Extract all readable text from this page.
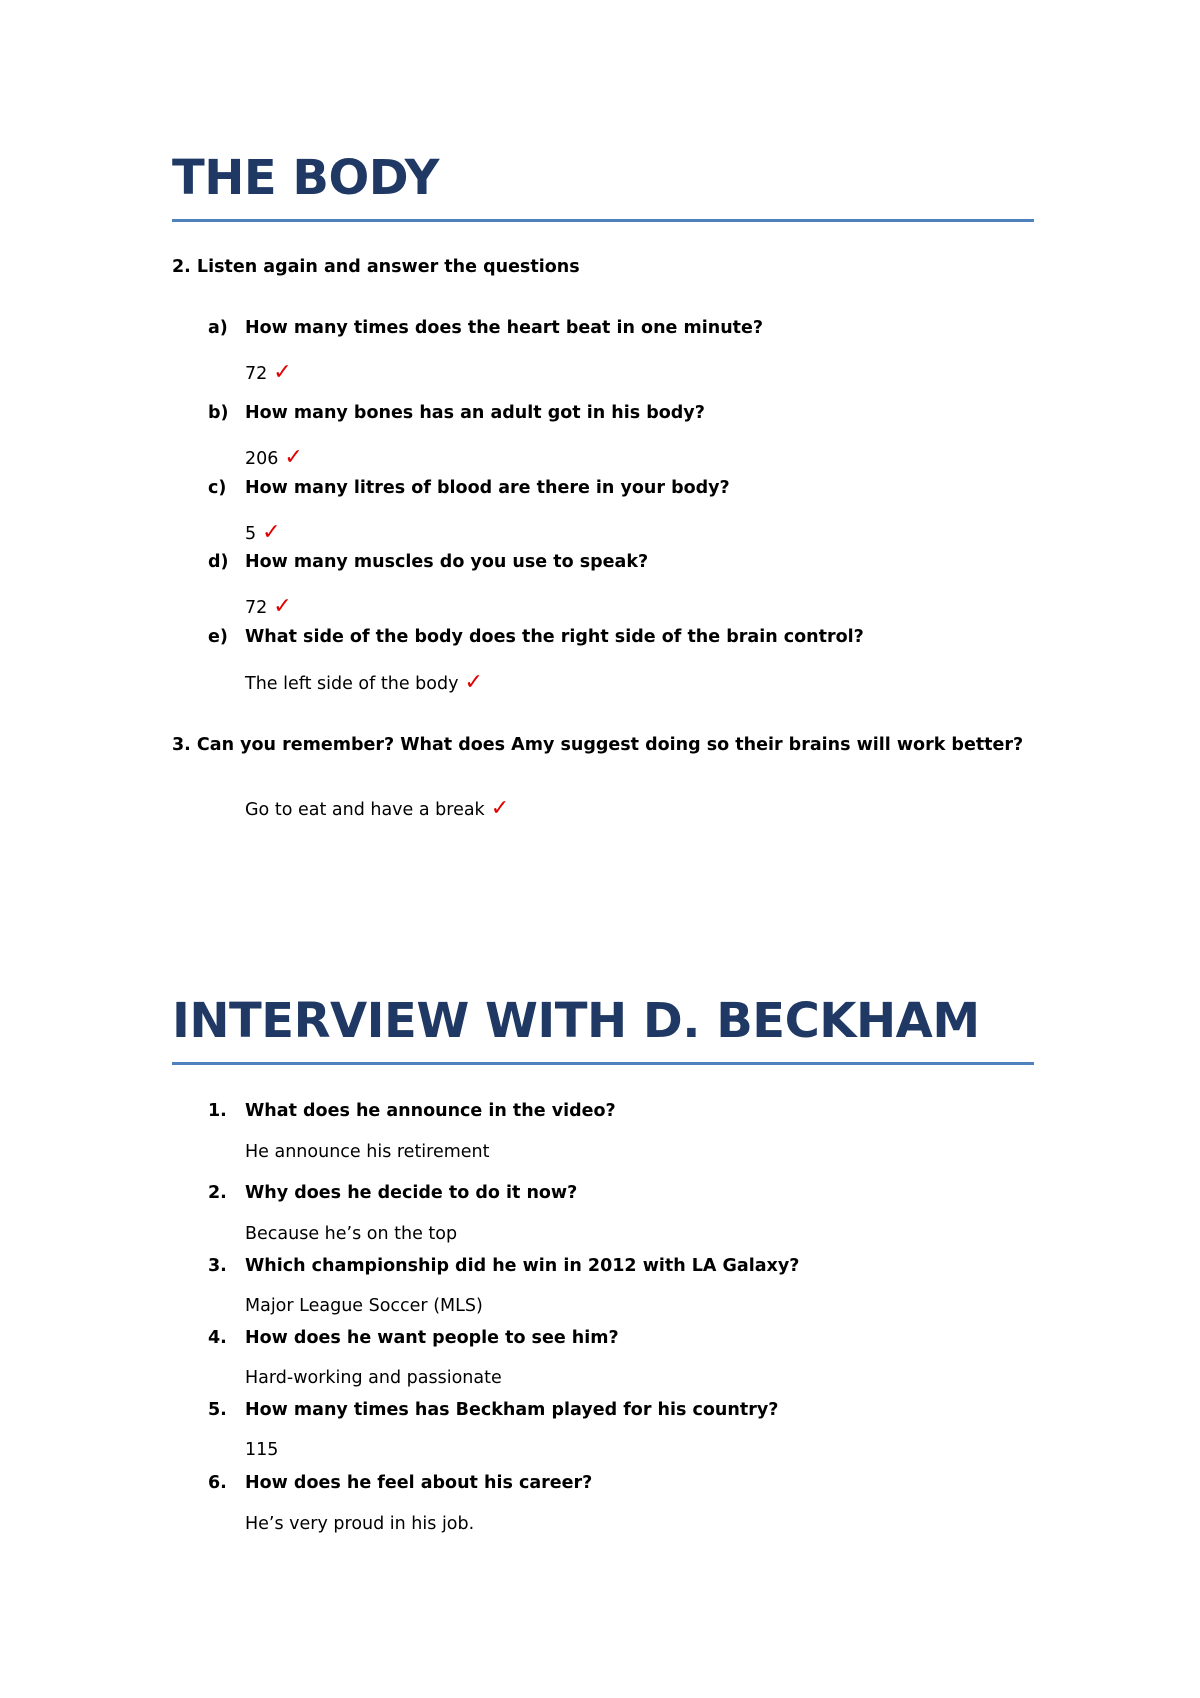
THE BODY
2. Listen again and answer the questions
a) How many times does the heart beat in one minute?
72 ✓
b) How many bones has an adult got in his body?
206 ✓
c) How many litres of blood are there in your body?
5 ✓
d) How many muscles do you use to speak?
72 ✓
e) What side of the body does the right side of the brain control?
The left side of the body ✓
3. Can you remember? What does Amy suggest doing so their brains will work better?
Go to eat and have a break ✓
INTERVIEW WITH D. BECKHAM
1. What does he announce in the video?
He announce his retirement
2. Why does he decide to do it now?
Because he’s on the top
3. Which championship did he win in 2012 with LA Galaxy?
Major League Soccer (MLS)
4. How does he want people to see him?
Hard-working and passionate
5. How many times has Beckham played for his country?
115
6. How does he feel about his career?
He’s very proud in his job.
